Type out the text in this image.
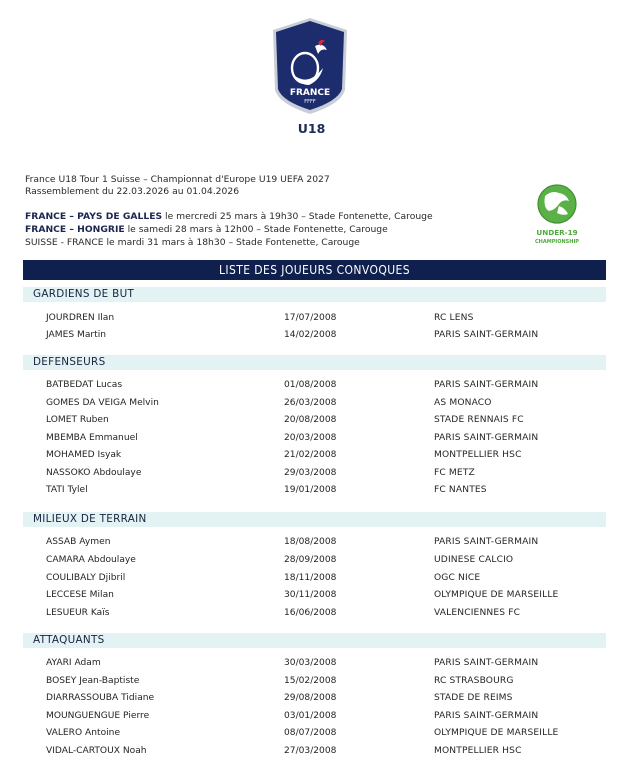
FRANCE
FFFF
U18
France U18 Tour 1 Suisse – Championnat d'Europe U19 UEFA 2027
Rassemblement du 22.03.2026 au 01.04.2026
FRANCE – PAYS DE GALLES le mercredi 25 mars à 19h30 – Stade Fontenette, Carouge
FRANCE – HONGRIE le samedi 28 mars à 12h00 – Stade Fontenette, Carouge
SUISSE - FRANCE le mardi 31 mars à 18h30 – Stade Fontenette, Carouge
UNDER-19
CHAMPIONSHIP
LISTE DES JOUEURS CONVOQUES
GARDIENS DE BUT
JOURDREN Ilan	17/07/2008	RC LENS
JAMES Martin	14/02/2008	PARIS SAINT-GERMAIN
DEFENSEURS
BATBEDAT Lucas	01/08/2008	PARIS SAINT-GERMAIN
GOMES DA VEIGA Melvin	26/03/2008	AS MONACO
LOMET Ruben	20/08/2008	STADE RENNAIS FC
MBEMBA Emmanuel	20/03/2008	PARIS SAINT-GERMAIN
MOHAMED Isyak	21/02/2008	MONTPELLIER HSC
NASSOKO Abdoulaye	29/03/2008	FC METZ
TATI Tylel	19/01/2008	FC NANTES
MILIEUX DE TERRAIN
ASSAB Aymen	18/08/2008	PARIS SAINT-GERMAIN
CAMARA Abdoulaye	28/09/2008	UDINESE CALCIO
COULIBALY Djibril	18/11/2008	OGC NICE
LECCESE Milan	30/11/2008	OLYMPIQUE DE MARSEILLE
LESUEUR Kaïs	16/06/2008	VALENCIENNES FC
ATTAQUANTS
AYARI Adam	30/03/2008	PARIS SAINT-GERMAIN
BOSEY Jean-Baptiste	15/02/2008	RC STRASBOURG
DIARRASSOUBA Tidiane	29/08/2008	STADE DE REIMS
MOUNGUENGUE Pierre	03/01/2008	PARIS SAINT-GERMAIN
VALERO Antoine	08/07/2008	OLYMPIQUE DE MARSEILLE
VIDAL-CARTOUX Noah	27/03/2008	MONTPELLIER HSC
